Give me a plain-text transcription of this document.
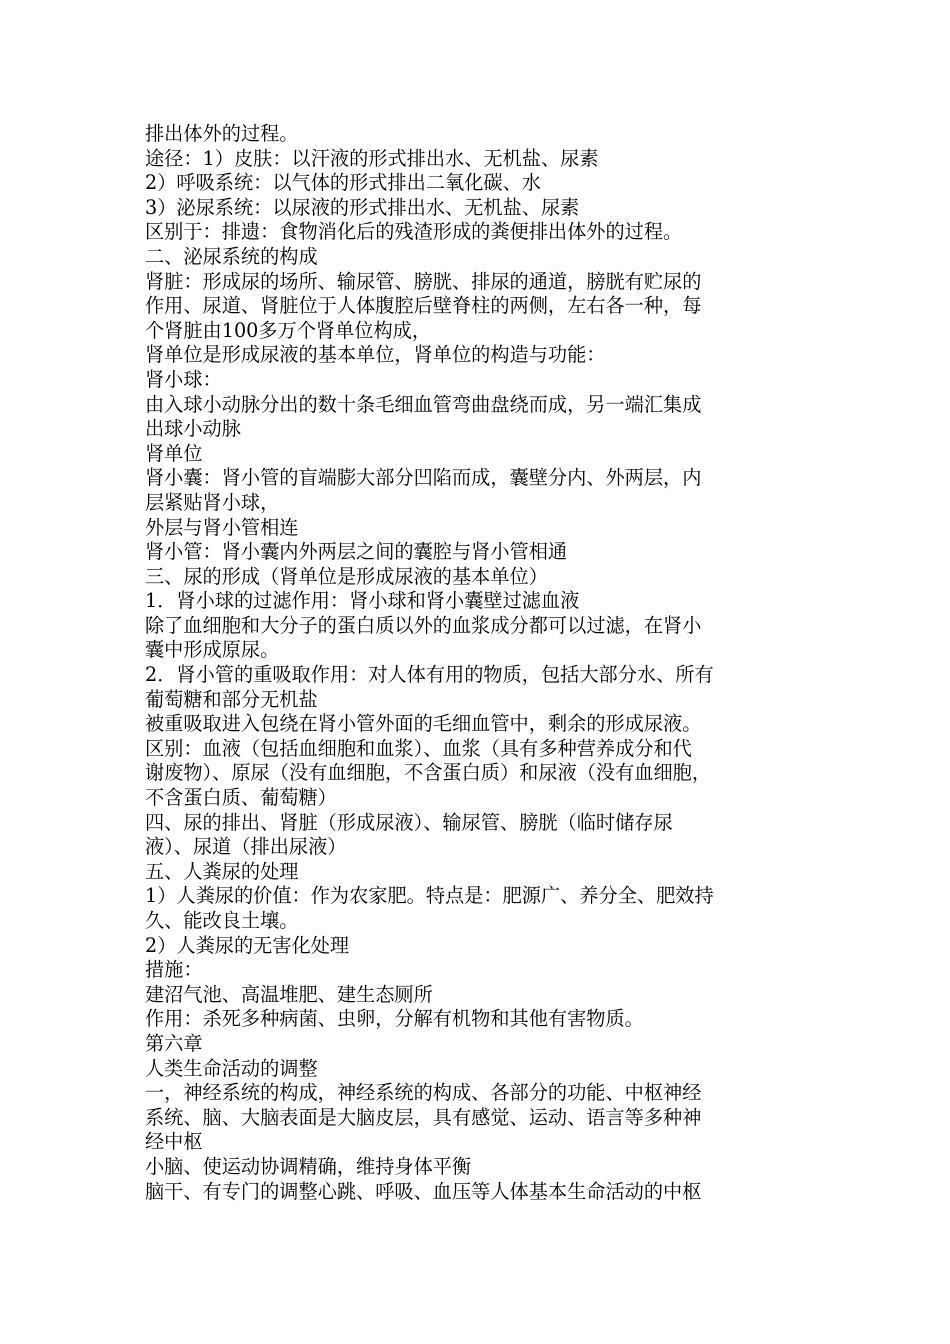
排出体外的过程。
途径：1）皮肤：以汗液的形式排出水、无机盐、尿素
2）呼吸系统：以气体的形式排出二氧化碳、水
3）泌尿系统：以尿液的形式排出水、无机盐、尿素
区别于：排遗：食物消化后的残渣形成的粪便排出体外的过程。
二、泌尿系统的构成
肾脏：形成尿的场所、输尿管、膀胱、排尿的通道，膀胱有贮尿的
作用、尿道、肾脏位于人体腹腔后壁脊柱的两侧，左右各一种，每
个肾脏由100多万个肾单位构成，
肾单位是形成尿液的基本单位，肾单位的构造与功能：
肾小球：
由入球小动脉分出的数十条毛细血管弯曲盘绕而成，另一端汇集成
出球小动脉
肾单位
肾小囊：肾小管的盲端膨大部分凹陷而成，囊壁分内、外两层，内
层紧贴肾小球，
外层与肾小管相连
肾小管：肾小囊内外两层之间的囊腔与肾小管相通
三、尿的形成（肾单位是形成尿液的基本单位）
1．肾小球的过滤作用：肾小球和肾小囊壁过滤血液
除了血细胞和大分子的蛋白质以外的血浆成分都可以过滤，在肾小
囊中形成原尿。
2．肾小管的重吸取作用：对人体有用的物质，包括大部分水、所有
葡萄糖和部分无机盐
被重吸取进入包绕在肾小管外面的毛细血管中，剩余的形成尿液。
区别：血液（包括血细胞和血浆）、血浆（具有多种营养成分和代
谢废物）、原尿（没有血细胞，不含蛋白质）和尿液（没有血细胞，
不含蛋白质、葡萄糖）
四、尿的排出、肾脏（形成尿液）、输尿管、膀胱（临时储存尿
液）、尿道（排出尿液）
五、人粪尿的处理
1）人粪尿的价值：作为农家肥。特点是：肥源广、养分全、肥效持
久、能改良土壤。
2）人粪尿的无害化处理
措施：
建沼气池、高温堆肥、建生态厕所
作用：杀死多种病菌、虫卵，分解有机物和其他有害物质。
第六章
人类生命活动的调整
一，神经系统的构成，神经系统的构成、各部分的功能、中枢神经
系统、脑、大脑表面是大脑皮层，具有感觉、运动、语言等多种神
经中枢
小脑、使运动协调精确，维持身体平衡
脑干、有专门的调整心跳、呼吸、血压等人体基本生命活动的中枢
